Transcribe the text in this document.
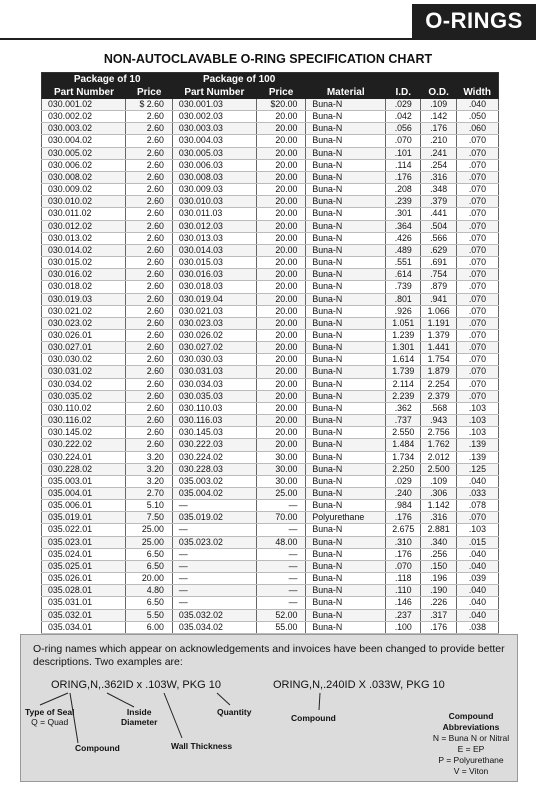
O-RINGS
NON-AUTOCLAVABLE O-RING SPECIFICATION CHART
Package of 10		Package of 100					
Part Number	Price	Part Number	Price	Material	I.D.	O.D.	Width
030.001.02	$ 2.60	030.001.03	$20.00	Buna-N	.029	.109	.040
030.002.02	2.60	030.002.03	20.00	Buna-N	.042	.142	.050
030.003.02	2.60	030.003.03	20.00	Buna-N	.056	.176	.060
030.004.02	2.60	030.004.03	20.00	Buna-N	.070	.210	.070
030.005.02	2.60	030.005.03	20.00	Buna-N	.101	.241	.070
030.006.02	2.60	030.006.03	20.00	Buna-N	.114	.254	.070
030.008.02	2.60	030.008.03	20.00	Buna-N	.176	.316	.070
030.009.02	2.60	030.009.03	20.00	Buna-N	.208	.348	.070
030.010.02	2.60	030.010.03	20.00	Buna-N	.239	.379	.070
030.011.02	2.60	030.011.03	20.00	Buna-N	.301	.441	.070
030.012.02	2.60	030.012.03	20.00	Buna-N	.364	.504	.070
030.013.02	2.60	030.013.03	20.00	Buna-N	.426	.566	.070
030.014.02	2.60	030.014.03	20.00	Buna-N	.489	.629	.070
030.015.02	2.60	030.015.03	20.00	Buna-N	.551	.691	.070
030.016.02	2.60	030.016.03	20.00	Buna-N	.614	.754	.070
030.018.02	2.60	030.018.03	20.00	Buna-N	.739	.879	.070
030.019.03	2.60	030.019.04	20.00	Buna-N	.801	.941	.070
030.021.02	2.60	030.021.03	20.00	Buna-N	.926	1.066	.070
030.023.02	2.60	030.023.03	20.00	Buna-N	1.051	1.191	.070
030.026.01	2.60	030.026.02	20.00	Buna-N	1.239	1.379	.070
030.027.01	2.60	030.027.02	20.00	Buna-N	1.301	1.441	.070
030.030.02	2.60	030.030.03	20.00	Buna-N	1.614	1.754	.070
030.031.02	2.60	030.031.03	20.00	Buna-N	1.739	1.879	.070
030.034.02	2.60	030.034.03	20.00	Buna-N	2.114	2.254	.070
030.035.02	2.60	030.035.03	20.00	Buna-N	2.239	2.379	.070
030.110.02	2.60	030.110.03	20.00	Buna-N	.362	.568	.103
030.116.02	2.60	030.116.03	20.00	Buna-N	.737	.943	.103
030.145.02	2.60	030.145.03	20.00	Buna-N	2.550	2.756	.103
030.222.02	2.60	030.222.03	20.00	Buna-N	1.484	1.762	.139
030.224.01	3.20	030.224.02	30.00	Buna-N	1.734	2.012	.139
030.228.02	3.20	030.228.03	30.00	Buna-N	2.250	2.500	.125
035.003.01	3.20	035.003.02	30.00	Buna-N	.029	.109	.040
035.004.01	2.70	035.004.02	25.00	Buna-N	.240	.306	.033
035.006.01	5.10	—	—	Buna-N	.984	1.142	.078
035.019.01	7.50	035.019.02	70.00	Polyurethane	.176	.316	.070
035.022.01	25.00	—	—	Buna-N	2.675	2.881	.103
035.023.01	25.00	035.023.02	48.00	Buna-N	.310	.340	.015
035.024.01	6.50	—	—	Buna-N	.176	.256	.040
035.025.01	6.50	—	—	Buna-N	.070	.150	.040
035.026.01	20.00	—	—	Buna-N	.118	.196	.039
035.028.01	4.80	—	—	Buna-N	.110	.190	.040
035.031.01	6.50	—	—	Buna-N	.146	.226	.040
035.032.01	5.50	035.032.02	52.00	Buna-N	.237	.317	.040
035.034.01	6.00	035.034.02	55.00	Buna-N	.100	.176	.038

O-ring names which appear on acknowledgements and invoices have been changed to provide better descriptions. Two examples are:
ORING,N,.362ID x .103W, PKG 10	ORING,N,.240ID X .033W, PKG 10
Type of Seal
Q = Quad
Inside
Diameter
Quantity
Compound	Wall Thickness
Compound	Compound Abbreviations
N = Buna N or Nitral
E = EP
P = Polyurethane
V = Viton
